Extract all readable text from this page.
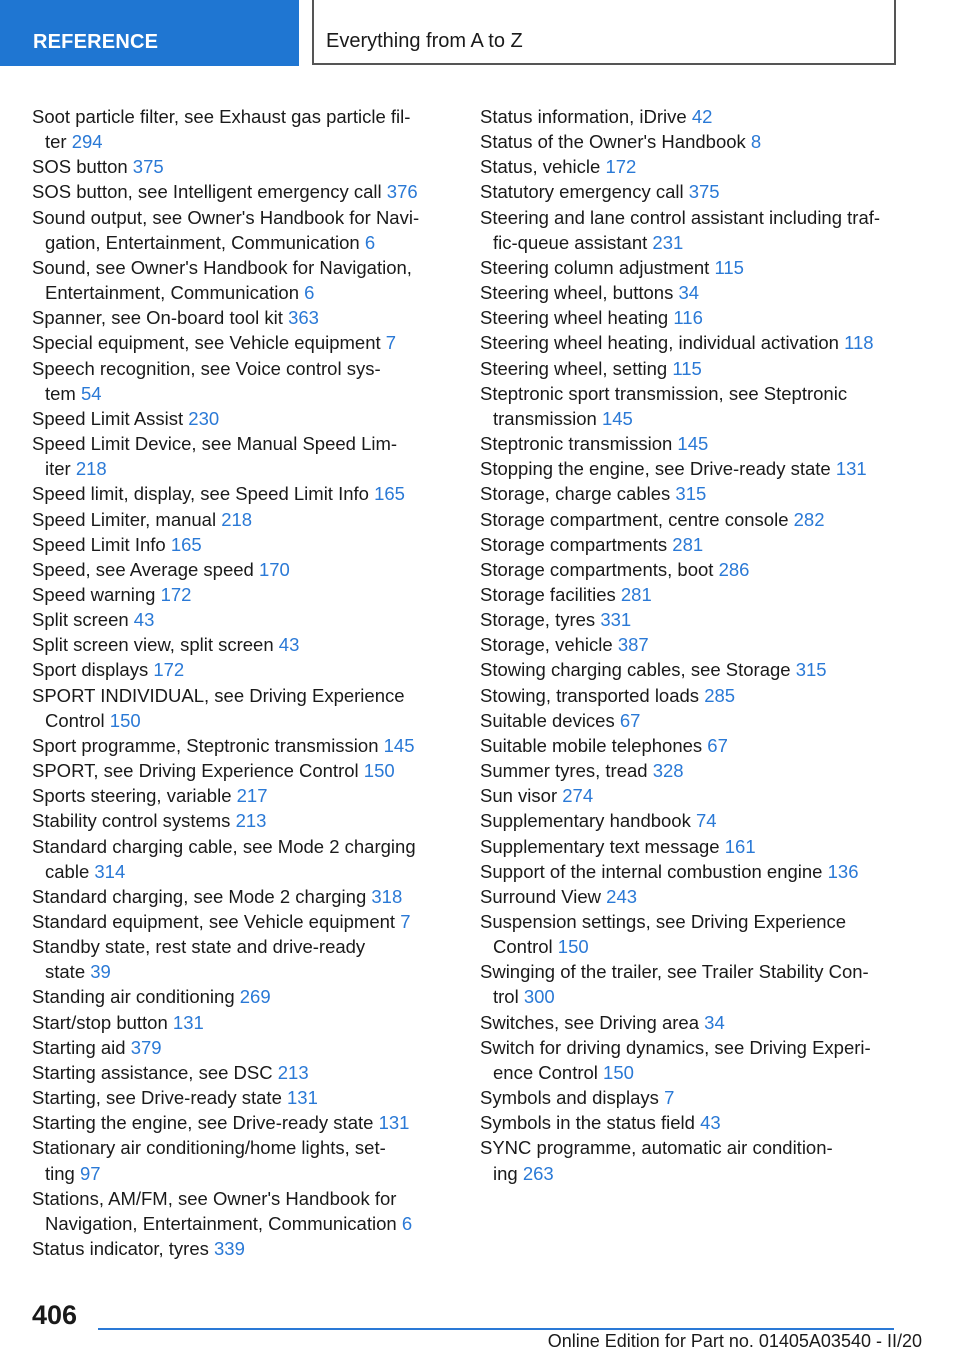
REFERENCE	Everything from A to Z
Soot particle filter, see Exhaust gas particle fil-
ter 294
SOS button 375
SOS button, see Intelligent emergency call 376
Sound output, see Owner's Handbook for Navi-
gation, Entertainment, Communication 6
Sound, see Owner's Handbook for Navigation,
Entertainment, Communication 6
Spanner, see On-board tool kit 363
Special equipment, see Vehicle equipment 7
Speech recognition, see Voice control sys-
tem 54
Speed Limit Assist 230
Speed Limit Device, see Manual Speed Lim-
iter 218
Speed limit, display, see Speed Limit Info 165
Speed Limiter, manual 218
Speed Limit Info 165
Speed, see Average speed 170
Speed warning 172
Split screen 43
Split screen view, split screen 43
Sport displays 172
SPORT INDIVIDUAL, see Driving Experience
Control 150
Sport programme, Steptronic transmission 145
SPORT, see Driving Experience Control 150
Sports steering, variable 217
Stability control systems 213
Standard charging cable, see Mode 2 charging
cable 314
Standard charging, see Mode 2 charging 318
Standard equipment, see Vehicle equipment 7
Standby state, rest state and drive-ready
state 39
Standing air conditioning 269
Start/stop button 131
Starting aid 379
Starting assistance, see DSC 213
Starting, see Drive-ready state 131
Starting the engine, see Drive-ready state 131
Stationary air conditioning/home lights, set-
ting 97
Stations, AM/FM, see Owner's Handbook for
Navigation, Entertainment, Communication 6
Status indicator, tyres 339
Status information, iDrive 42
Status of the Owner's Handbook 8
Status, vehicle 172
Statutory emergency call 375
Steering and lane control assistant including traf-
fic-queue assistant 231
Steering column adjustment 115
Steering wheel, buttons 34
Steering wheel heating 116
Steering wheel heating, individual activation 118
Steering wheel, setting 115
Steptronic sport transmission, see Steptronic
transmission 145
Steptronic transmission 145
Stopping the engine, see Drive-ready state 131
Storage, charge cables 315
Storage compartment, centre console 282
Storage compartments 281
Storage compartments, boot 286
Storage facilities 281
Storage, tyres 331
Storage, vehicle 387
Stowing charging cables, see Storage 315
Stowing, transported loads 285
Suitable devices 67
Suitable mobile telephones 67
Summer tyres, tread 328
Sun visor 274
Supplementary handbook 74
Supplementary text message 161
Support of the internal combustion engine 136
Surround View 243
Suspension settings, see Driving Experience
Control 150
Swinging of the trailer, see Trailer Stability Con-
trol 300
Switches, see Driving area 34
Switch for driving dynamics, see Driving Experi-
ence Control 150
Symbols and displays 7
Symbols in the status field 43
SYNC programme, automatic air condition-
ing 263
406
Online Edition for Part no. 01405A03540 - II/20
